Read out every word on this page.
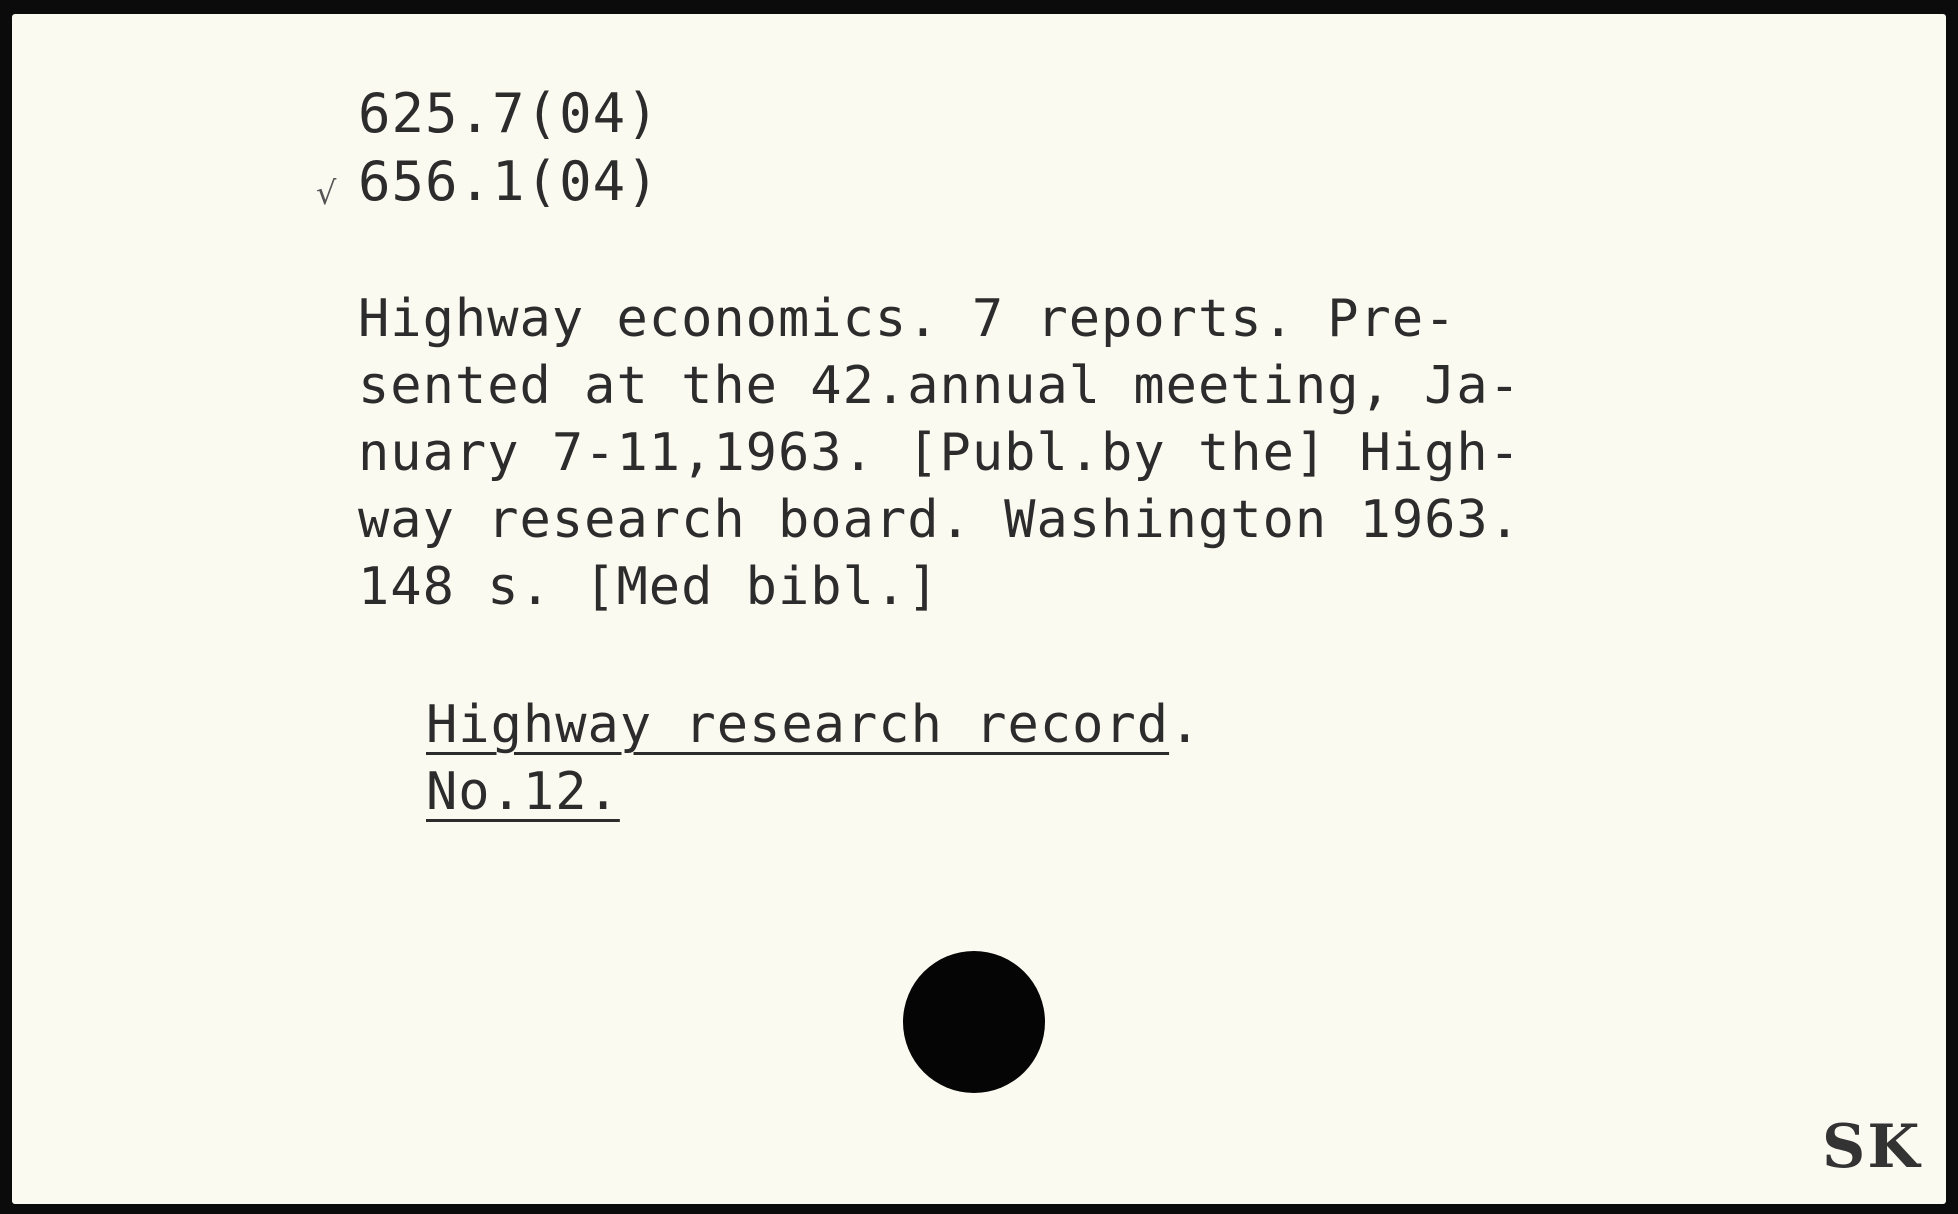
625.7(04)
√ 656.1(04)
Highway economics. 7 reports. Pre-
sented at the 42.annual meeting, Ja-
nuary 7-11,1963. [Publ.by the] High-
way research board. Washington 1963.
148 s. [Med bibl.]
Highway research record.
No.12.
SK
